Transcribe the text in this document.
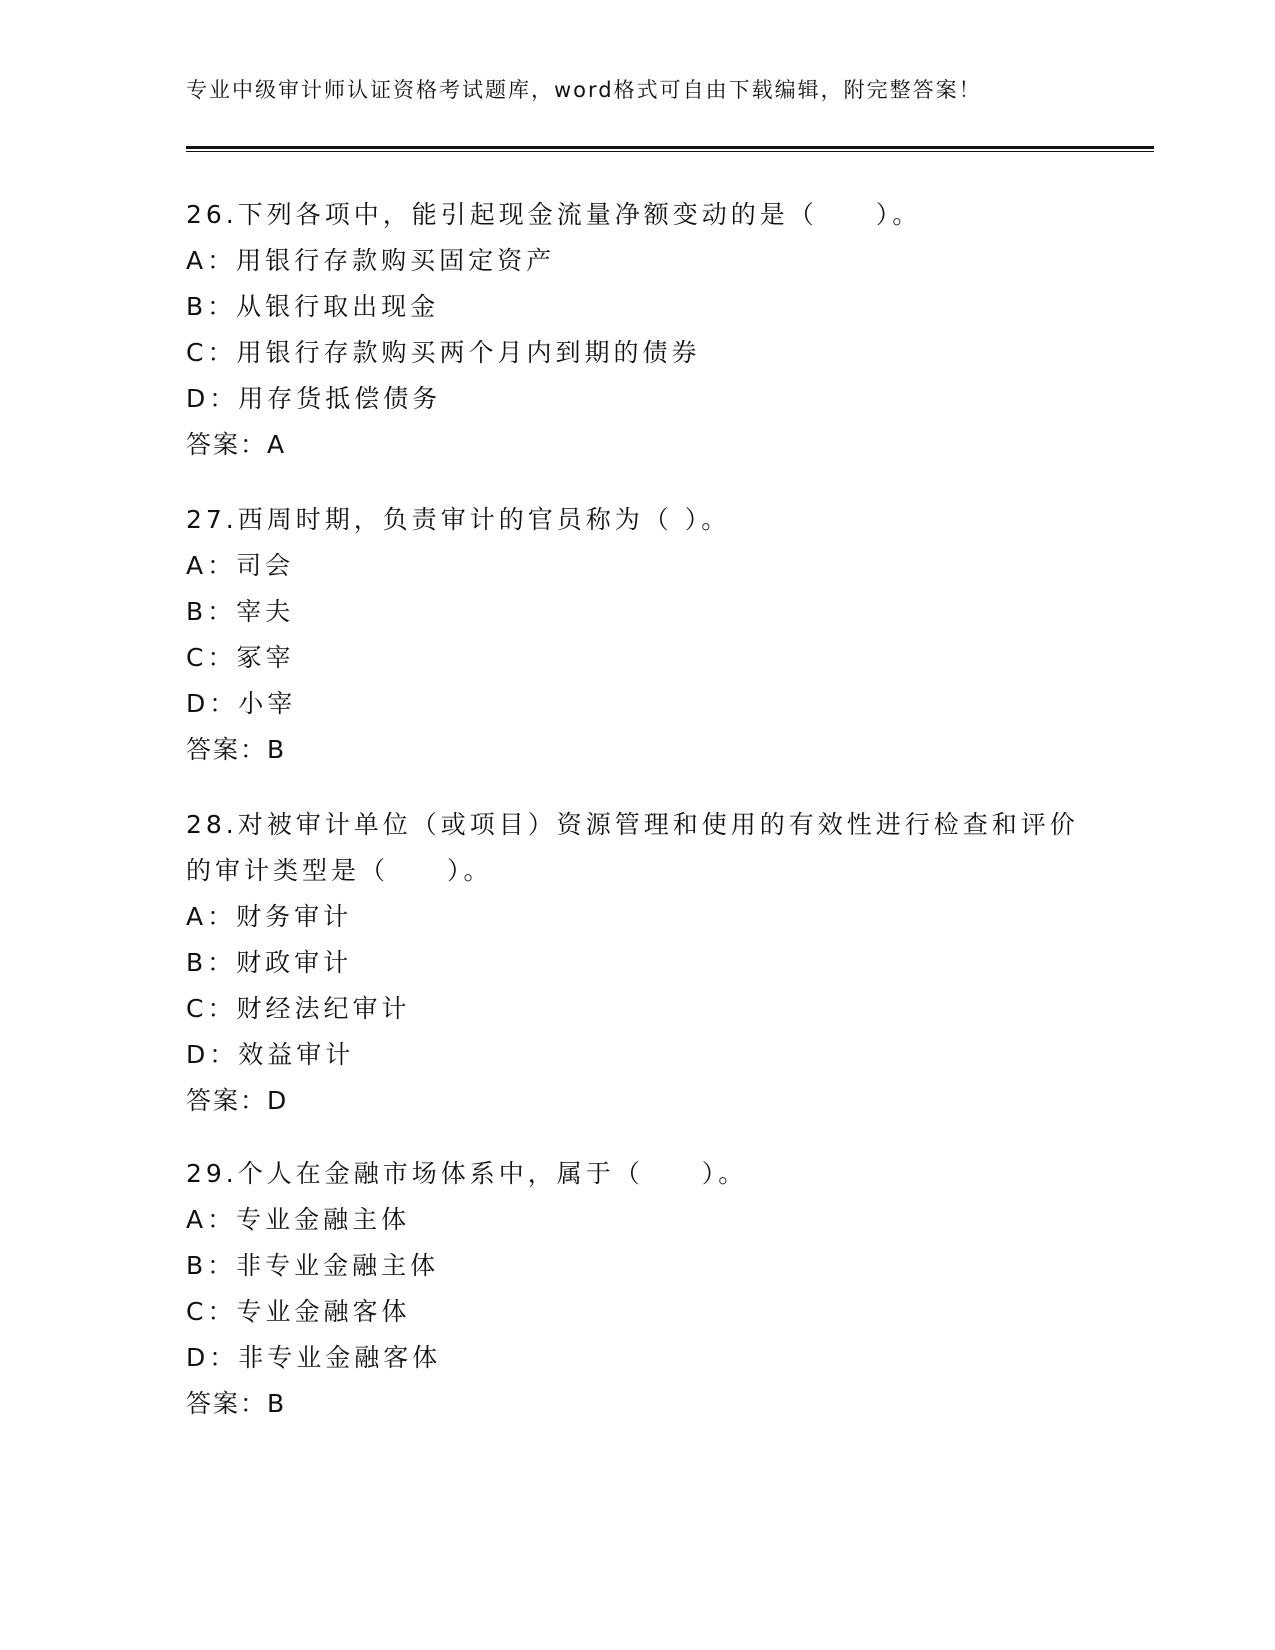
专业中级审计师认证资格考试题库，word格式可自由下载编辑，附完整答案！
26.下列各项中，能引起现金流量净额变动的是（　　）。
A：用银行存款购买固定资产
B：从银行取出现金
C：用银行存款购买两个月内到期的债券
D：用存货抵偿债务
答案：A
27.西周时期，负责审计的官员称为（ ）。
A：司会
B：宰夫
C：冢宰
D：小宰
答案：B
28.对被审计单位（或项目）资源管理和使用的有效性进行检查和评价
的审计类型是（　　）。
A：财务审计
B：财政审计
C：财经法纪审计
D：效益审计
答案：D
29.个人在金融市场体系中，属于（　　）。
A：专业金融主体
B：非专业金融主体
C：专业金融客体
D：非专业金融客体
答案：B
